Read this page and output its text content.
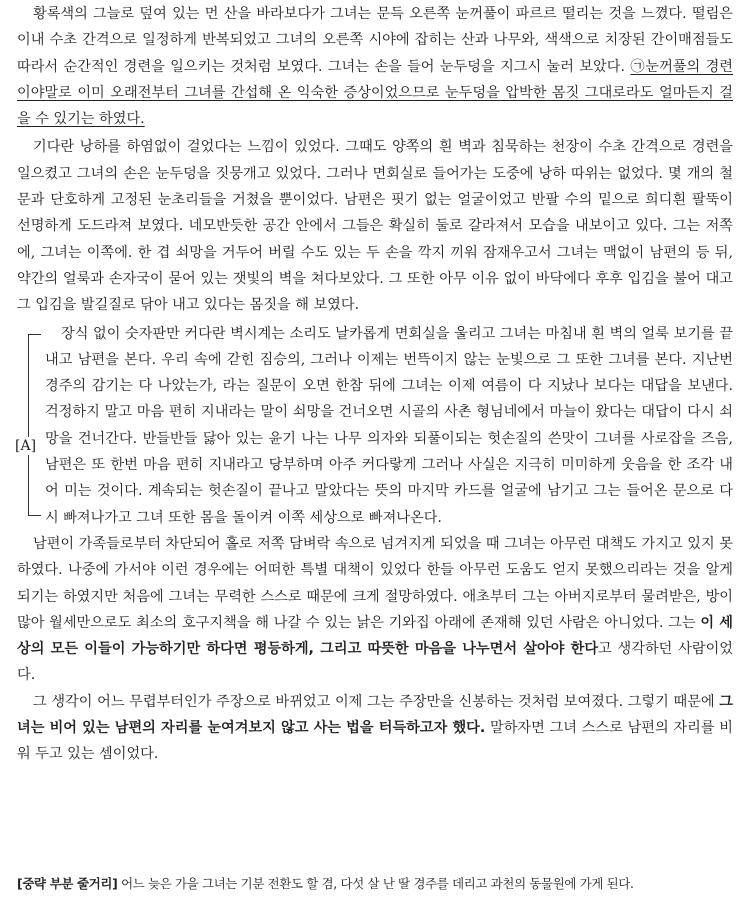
황록색의 그늘로 덮여 있는 먼 산을 바라보다가 그녀는 문득 오른쪽 눈꺼풀이 파르르 떨리는 것을 느꼈다. 떨림은 이내 수초 간격으로 일정하게 반복되었고 그녀의 오른쪽 시야에 잡히는 산과 나무와, 색색으로 치장된 간이매점들도 따라서 순간적인 경련을 일으키는 것처럼 보였다. 그녀는 손을 들어 눈두덩을 지그시 눌러 보았다. ㉠눈꺼풀의 경련이야말로 이미 오래전부터 그녀를 간섭해 온 익숙한 증상이었으므로 눈두덩을 압박한 몸짓 그대로라도 얼마든지 걸을 수 있기는 하였다.

기다란 낭하를 하염없이 걸었다는 느낌이 있었다. 그때도 양쪽의 흰 벽과 침묵하는 천장이 수초 간격으로 경련을 일으켰고 그녀의 손은 눈두덩을 짓뭉개고 있었다. 그러나 면회실로 들어가는 도중에 낭하 따위는 없었다. 몇 개의 철문과 단호하게 고정된 눈초리들을 거쳤을 뿐이었다. 남편은 핏기 없는 얼굴이었고 반팔 수의 밑으로 희디흰 팔뚝이 선명하게 도드라져 보였다. 네모반듯한 공간 안에서 그들은 확실히 둘로 갈라져서 모습을 내보이고 있다. 그는 저쪽에, 그녀는 이쪽에. 한 겹 쇠망을 거두어 버릴 수도 있는 두 손을 깍지 끼워 잠재우고서 그녀는 맥없이 남편의 등 뒤, 약간의 얼룩과 손자국이 묻어 있는 잿빛의 벽을 쳐다보았다. 그 또한 아무 이유 없이 바닥에다 후후 입김을 불어 대고 그 입김을 발길질로 닦아 내고 있다는 몸짓을 해 보였다.

[A]

장식 없이 숫자판만 커다란 벽시계는 소리도 날카롭게 면회실을 울리고 그녀는 마침내 흰 벽의 얼룩 보기를 끝내고 남편을 본다. 우리 속에 갇힌 짐승의, 그러나 이제는 번뜩이지 않는 눈빛으로 그 또한 그녀를 본다. 지난번 경주의 감기는 다 나았는가, 라는 질문이 오면 한참 뒤에 그녀는 이제 여름이 다 지났나 보다는 대답을 보낸다. 걱정하지 말고 마음 편히 지내라는 말이 쇠망을 건너오면 시골의 사촌 형님네에서 마늘이 왔다는 대답이 다시 쇠망을 건너간다. 반들반들 닳아 있는 윤기 나는 나무 의자와 되풀이되는 헛손질의 쓴맛이 그녀를 사로잡을 즈음, 남편은 또 한번 마음 편히 지내라고 당부하며 아주 커다랗게 그러나 사실은 지극히 미미하게 웃음을 한 조각 내어 미는 것이다. 계속되는 헛손질이 끝나고 말았다는 뜻의 마지막 카드를 얼굴에 남기고 그는 들어온 문으로 다시 빠져나가고 그녀 또한 몸을 돌이켜 이쪽 세상으로 빠져나온다.

남편이 가족들로부터 차단되어 홀로 저쪽 담벼락 속으로 넘겨지게 되었을 때 그녀는 아무런 대책도 가지고 있지 못하였다. 나중에 가서야 이런 경우에는 어떠한 특별 대책이 있었다 한들 아무런 도움도 얻지 못했으리라는 것을 알게 되기는 하였지만 처음에 그녀는 무력한 스스로 때문에 크게 절망하였다. 애초부터 그는 아버지로부터 물려받은, 방이 많아 월세만으로도 최소의 호구지책을 해 나갈 수 있는 낡은 기와집 아래에 존재해 있던 사람은 아니었다. 그는 이 세상의 모든 이들이 가능하기만 하다면 평등하게, 그리고 따뜻한 마음을 나누면서 살아야 한다고 생각하던 사람이었다.

그 생각이 어느 무렵부터인가 주장으로 바뀌었고 이제 그는 주장만을 신봉하는 것처럼 보여졌다. 그렇기 때문에 그녀는 비어 있는 남편의 자리를 눈여겨보지 않고 사는 법을 터득하고자 했다. 말하자면 그녀 스스로 남편의 자리를 비워 두고 있는 셈이었다.

[중략 부분 줄거리] 어느 늦은 가을 그녀는 기분 전환도 할 겸, 다섯 살 난 딸 경주를 데리고 과천의 동물원에 가게 된다.
